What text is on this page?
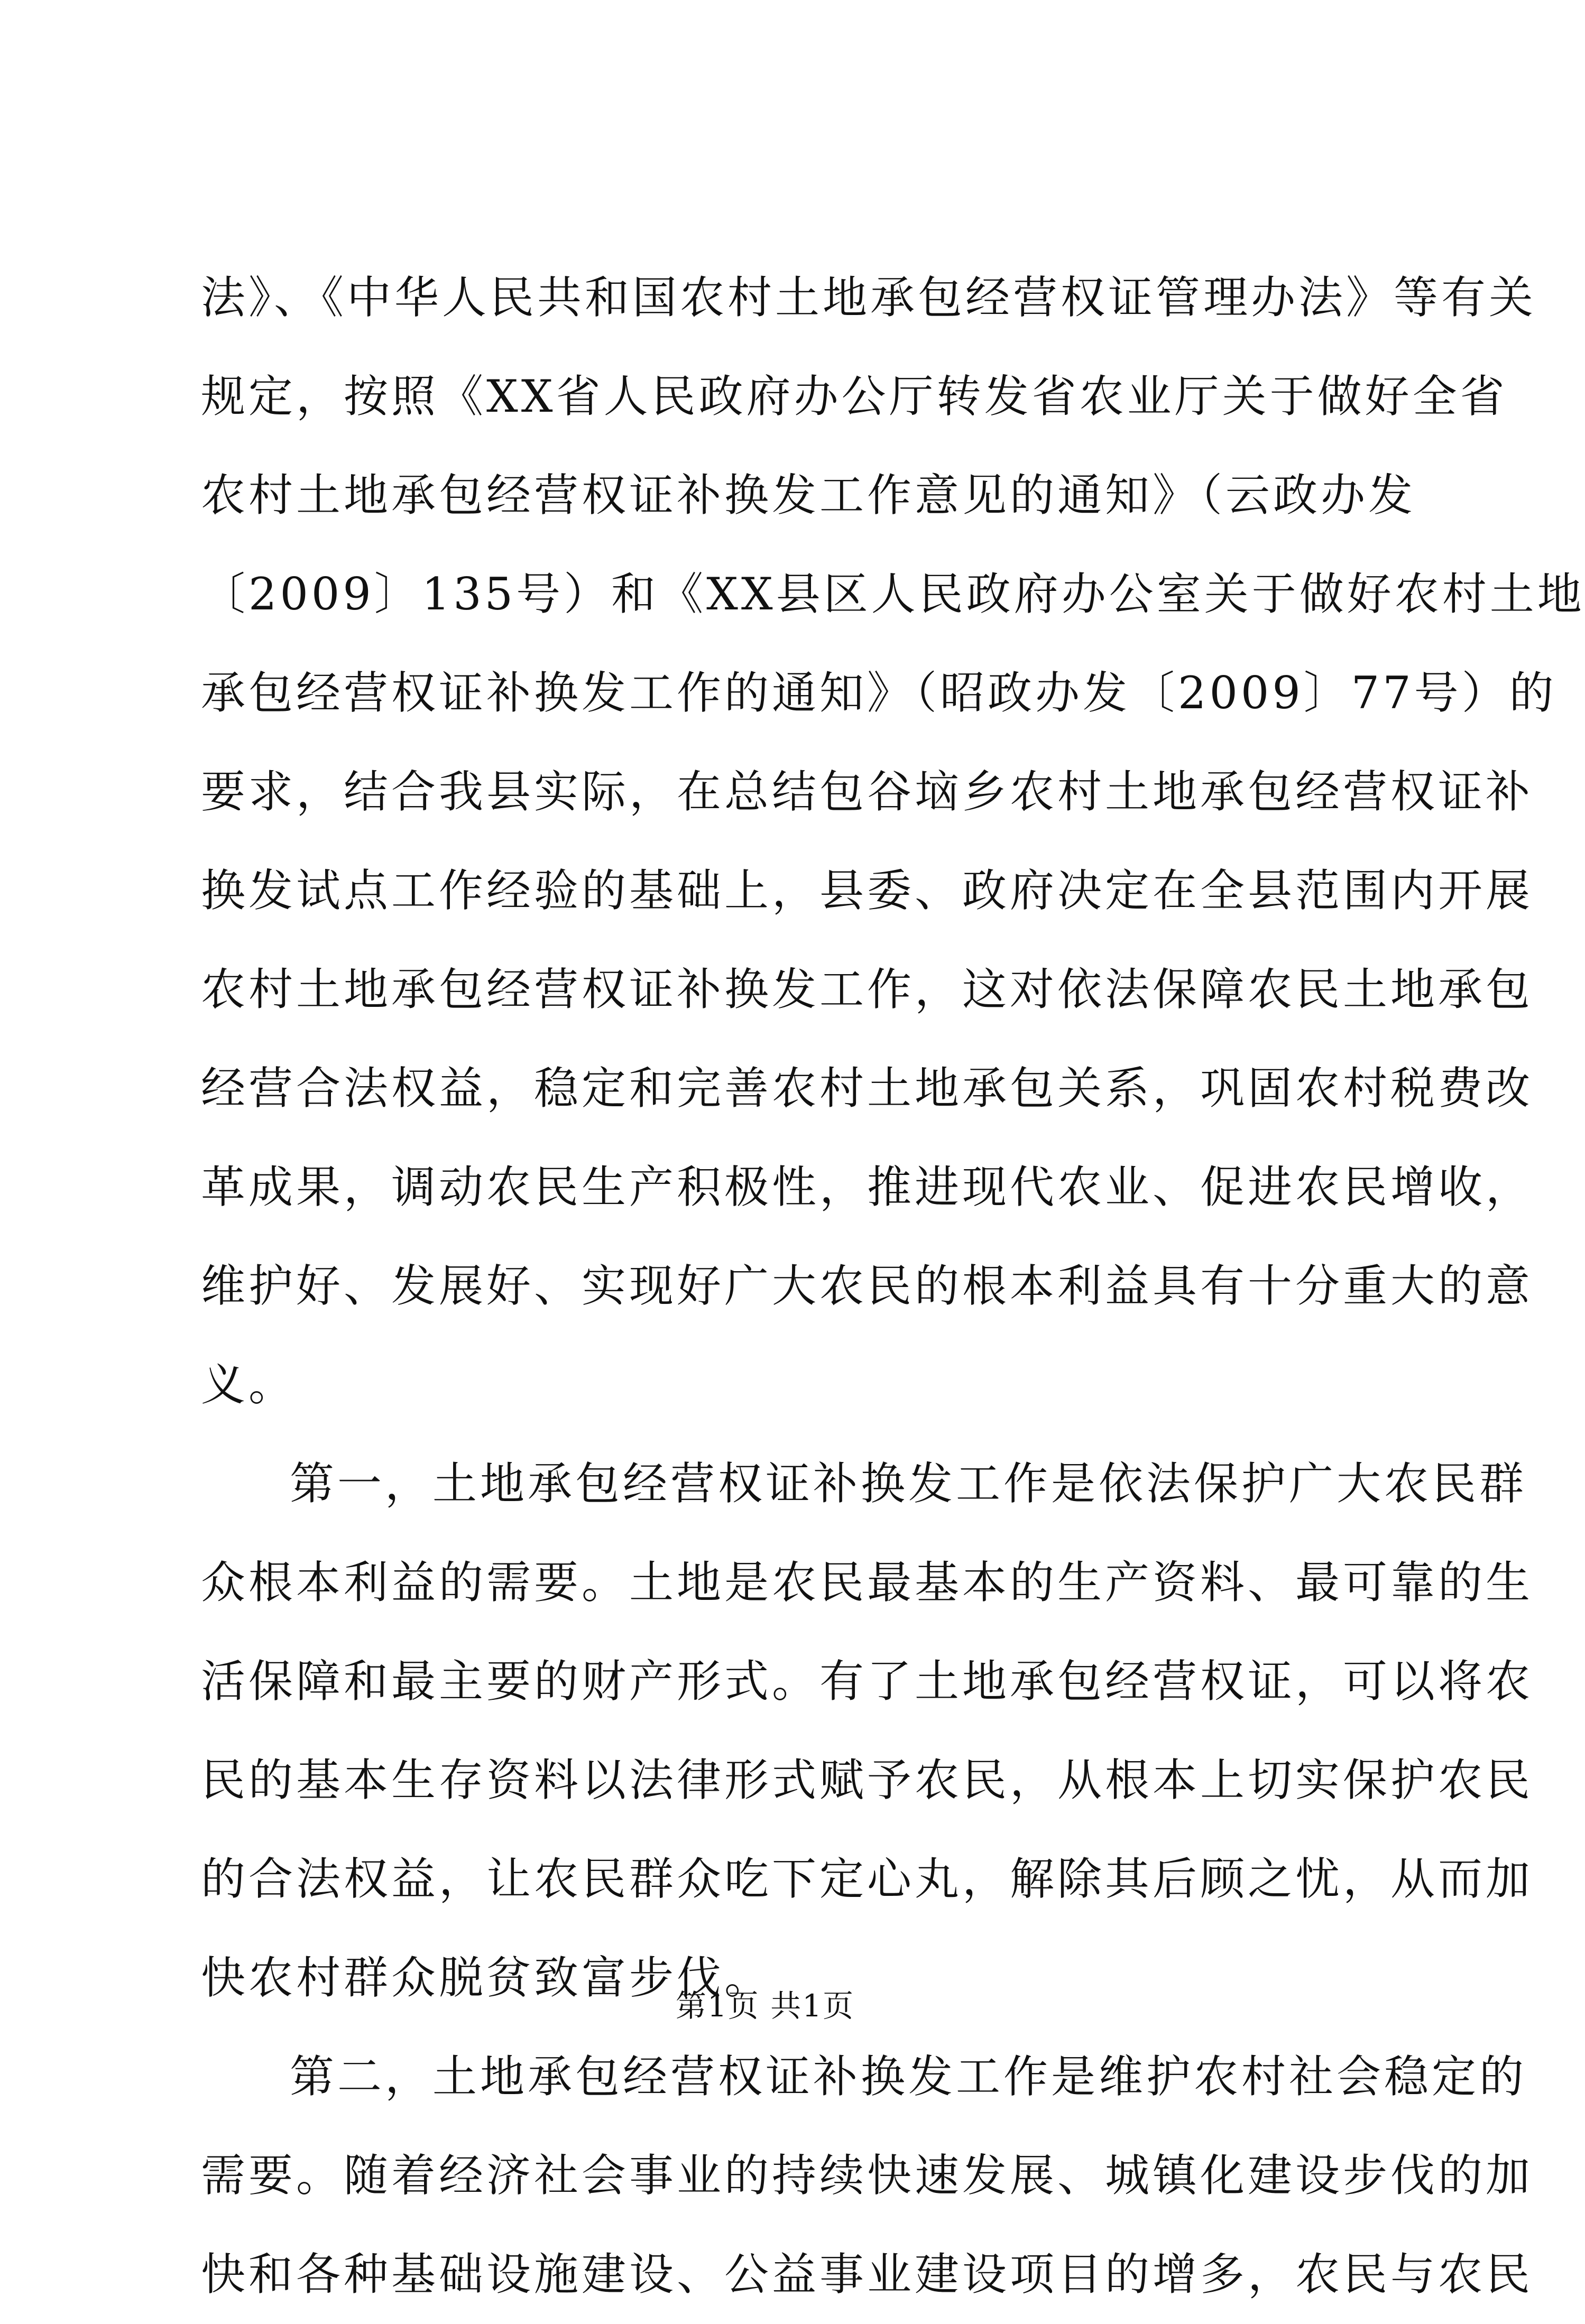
法》、《中华人民共和国农村土地承包经营权证管理办法》等有关
规定，按照《XX省人民政府办公厅转发省农业厅关于做好全省
农村土地承包经营权证补换发工作意见的通知》（云政办发
〔2009〕135号）和《XX县区人民政府办公室关于做好农村土地
承包经营权证补换发工作的通知》（昭政办发〔2009〕77号）的
要求，结合我县实际，在总结包谷垴乡农村土地承包经营权证补
换发试点工作经验的基础上，县委、政府决定在全县范围内开展
农村土地承包经营权证补换发工作，这对依法保障农民土地承包
经营合法权益，稳定和完善农村土地承包关系，巩固农村税费改
革成果，调动农民生产积极性，推进现代农业、促进农民增收，
维护好、发展好、实现好广大农民的根本利益具有十分重大的意
义。
第一，土地承包经营权证补换发工作是依法保护广大农民群
众根本利益的需要。土地是农民最基本的生产资料、最可靠的生
活保障和最主要的财产形式。有了土地承包经营权证，可以将农
民的基本生存资料以法律形式赋予农民，从根本上切实保护农民
的合法权益，让农民群众吃下定心丸，解除其后顾之忧，从而加
快农村群众脱贫致富步伐。
第二，土地承包经营权证补换发工作是维护农村社会稳定的
需要。随着经济社会事业的持续快速发展、城镇化建设步伐的加
快和各种基础设施建设、公益事业建设项目的增多，农民与农民
第1页 共1页
